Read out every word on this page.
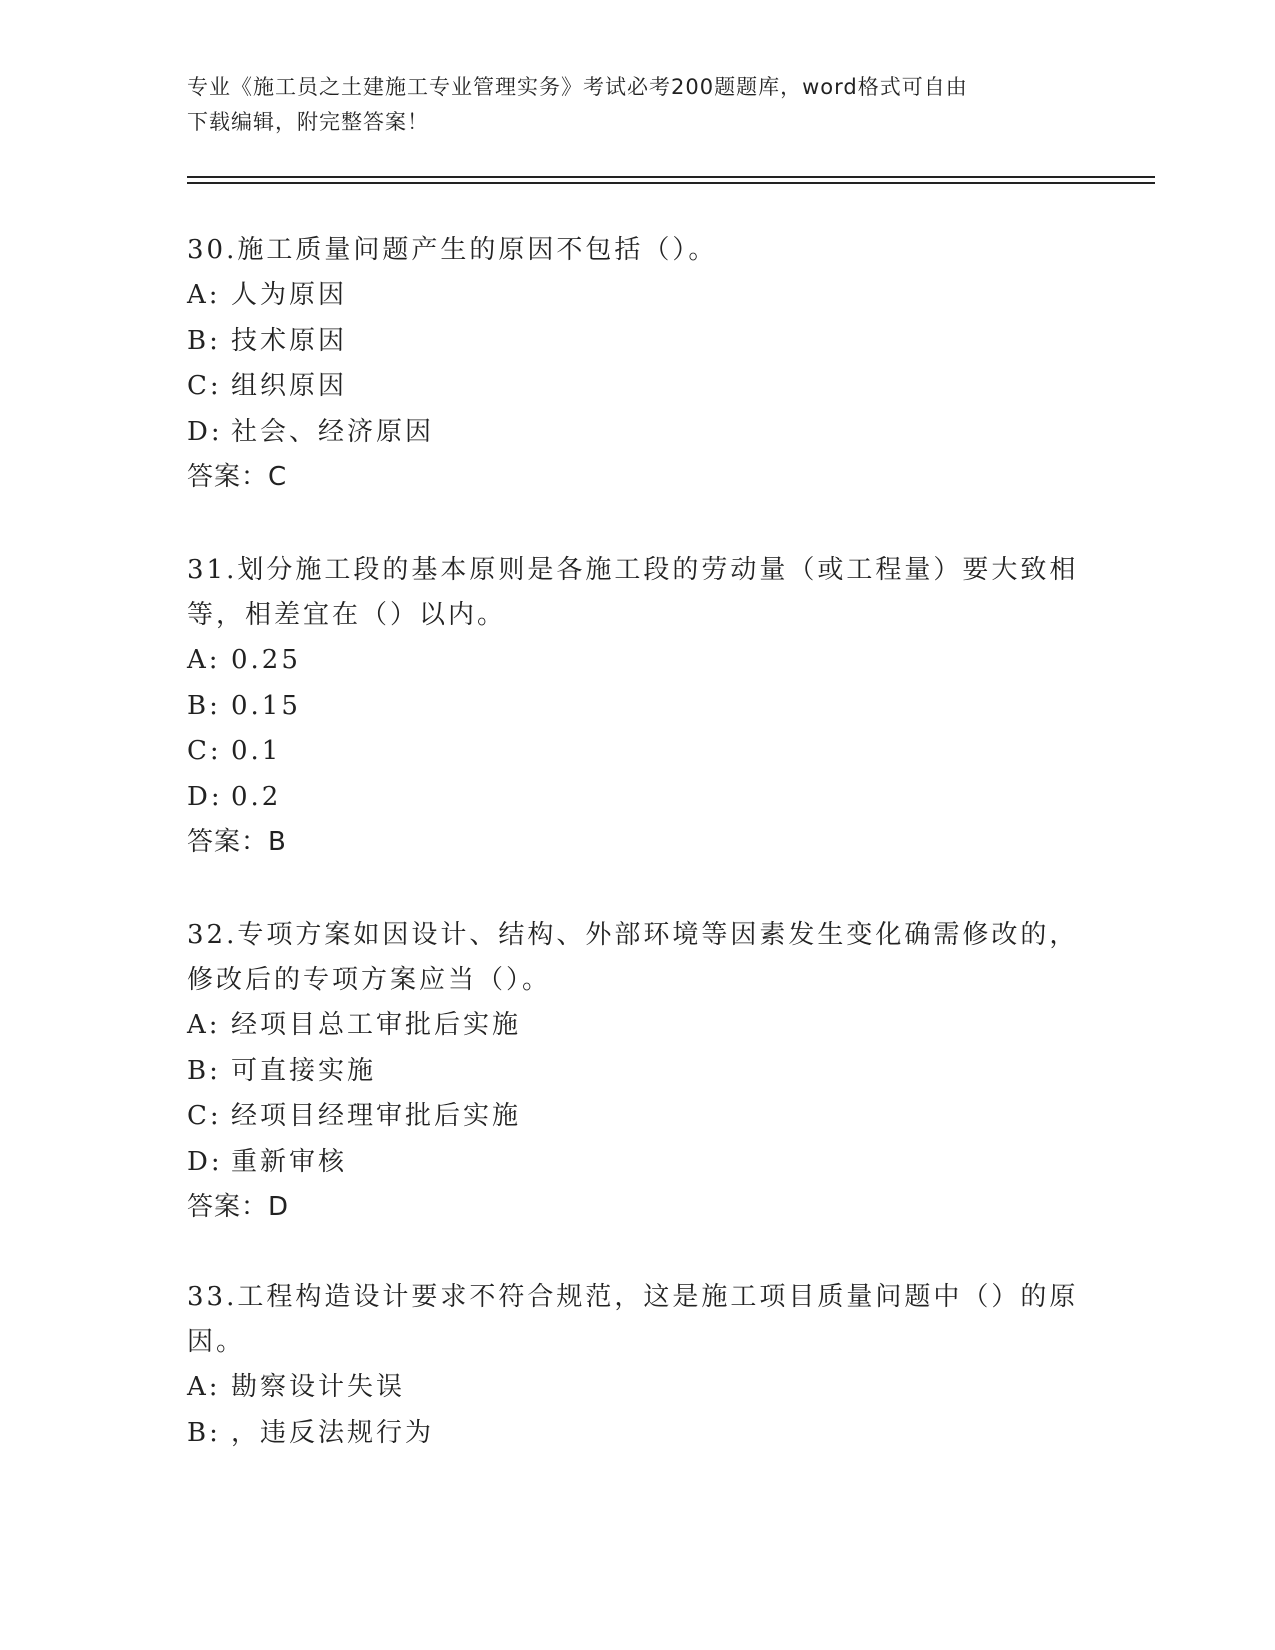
专业《施工员之土建施工专业管理实务》考试必考200题题库，word格式可自由
下载编辑，附完整答案！
30.施工质量问题产生的原因不包括（）。
A: 人为原因
B: 技术原因
C: 组织原因
D: 社会、经济原因
答案：C
31.划分施工段的基本原则是各施工段的劳动量（或工程量）要大致相等，相差宜在（）以内。
A: 0.25
B: 0.15
C: 0.1
D: 0.2
答案：B
32.专项方案如因设计、结构、外部环境等因素发生变化确需修改的，修改后的专项方案应当（）。
A: 经项目总工审批后实施
B: 可直接实施
C: 经项目经理审批后实施
D: 重新审核
答案：D
33.工程构造设计要求不符合规范，这是施工项目质量问题中（）的原因。
A: 勘察设计失误
B: ，违反法规行为
